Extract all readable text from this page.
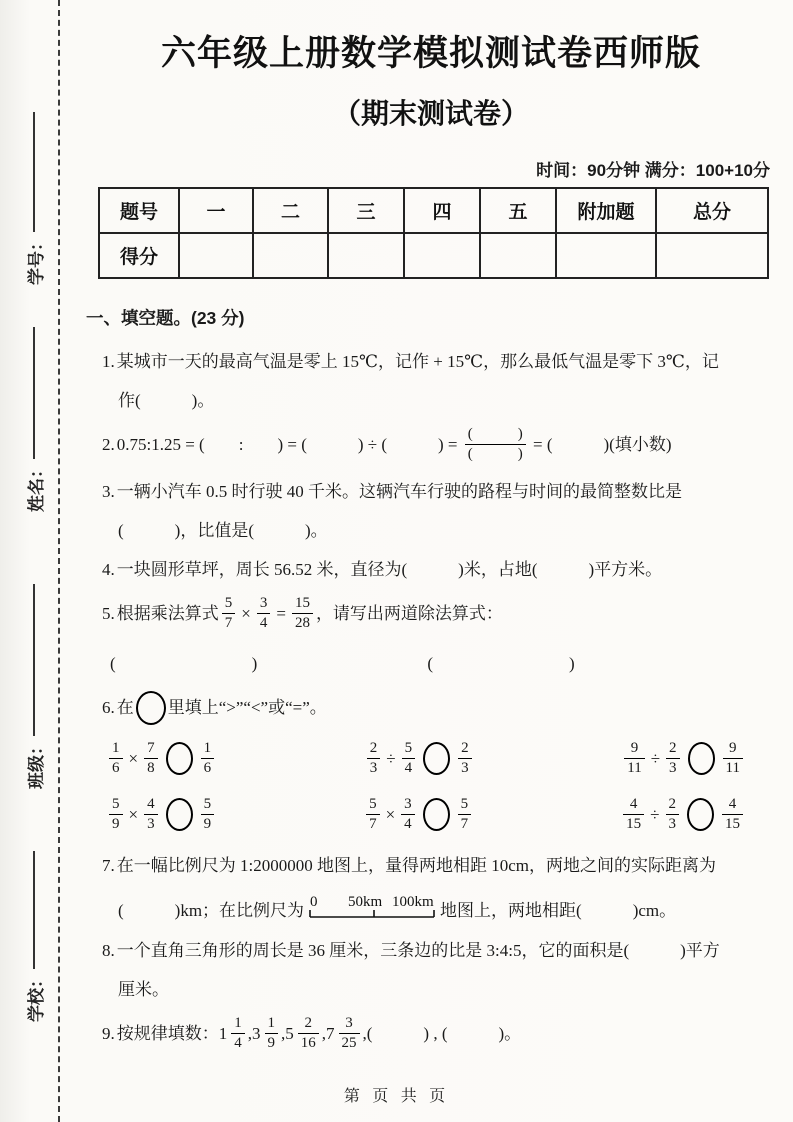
学校：
班级：
姓名：
学号：
六年级上册数学模拟测试卷西师版
（期末测试卷）
时间：90分钟 满分：100+10分
题号	一	二	三	四	五	附加题	总分
得分							
一、填空题。(23 分)
1. 某城市一天的最高气温是零上 15℃，记作 + 15℃，那么最低气温是零下 3℃，记
作(　　　)。
2. 0.75:1.25 = (　　:　　) = (　　　) ÷ (　　　) = $\frac{( )}{( )}$ = (　　　)(填小数)
3. 一辆小汽车 0.5 时行驶 40 千米。这辆汽车行驶的路程与时间的最简整数比是
(　　　)，比值是(　　　)。
4. 一块圆形草坪，周长 56.52 米，直径为(　　　)米，占地(　　　)平方米。
5. 根据乘法算式 $\frac{5}{7} \times \frac{3}{4} = \frac{15}{28}$ ，请写出两道除法算式：
(　　　　　　　　)	(　　　　　　　　)
6. 在 里填上“>”“<”或“=”。
$\frac{1}{6} \times \frac{7}{8}$	$\frac{1}{6}$	$\frac{2}{3} \div \frac{5}{4}$	$\frac{2}{3}$	$\frac{9}{11} \div \frac{2}{3}$	$\frac{9}{11}$
$\frac{5}{9} \times \frac{4}{3}$	$\frac{5}{9}$	$\frac{5}{7} \times \frac{3}{4}$	$\frac{5}{7}$	$\frac{4}{15} \div \frac{2}{3}$	$\frac{4}{15}$
7. 在一幅比例尺为 1:2000000 地图上，量得两地相距 10cm，两地之间的实际距离为
(　　　)km；在比例尺为 0 50km 100km 地图上，两地相距(　　　)cm。
8. 一个直角三角形的周长是 36 厘米，三条边的比是 3:4:5，它的面积是(　　　)平方
厘米。
9. 按规律填数：$1 \frac{1}{4} ,3 \frac{1}{9} ,5 \frac{2}{16} ,7 \frac{3}{25}$ ,(　　　) , (　　　)。
第 页 共 页
